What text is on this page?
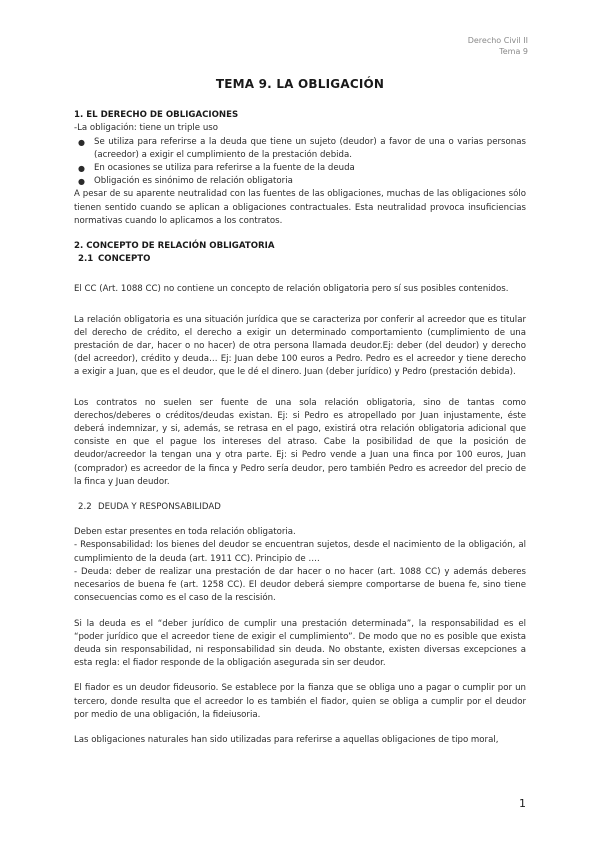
Derecho Civil II
Tema 9
TEMA 9. LA OBLIGACIÓN
1. EL DERECHO DE OBLIGACIONES

-La obligación: tiene un triple uso

● Se utiliza para referirse a la deuda que tiene un sujeto (deudor) a favor de una o varias personas (acreedor) a exigir el cumplimiento de la prestación debida.
● En ocasiones se utiliza para referirse a la fuente de la deuda
● Obligación es sinónimo de relación obligatoria

A pesar de su aparente neutralidad con las fuentes de las obligaciones, muchas de las obligaciones sólo tienen sentido cuando se aplican a obligaciones contractuales. Esta neutralidad provoca insuficiencias normativas cuando lo aplicamos a los contratos.

2. CONCEPTO DE RELACIÓN OBLIGATORIA
2.1 CONCEPTO

El CC (Art. 1088 CC) no contiene un concepto de relación obligatoria pero sí sus posibles contenidos.

La relación obligatoria es una situación jurídica que se caracteriza por conferir al acreedor que es titular del derecho de crédito, el derecho a exigir un determinado comportamiento (cumplimiento de una prestación de dar, hacer o no hacer) de otra persona llamada deudor.Ej: deber (del deudor) y derecho (del acreedor), crédito y deuda… Ej: Juan debe 100 euros a Pedro. Pedro es el acreedor y tiene derecho a exigir a Juan, que es el deudor, que le dé el dinero. Juan (deber jurídico) y Pedro (prestación debida).

Los contratos no suelen ser fuente de una sola relación obligatoria, sino de tantas como derechos/deberes o créditos/deudas existan. Ej: si Pedro es atropellado por Juan injustamente, éste deberá indemnizar, y si, además, se retrasa en el pago, existirá otra relación obligatoria adicional que consiste en que el pague los intereses del atraso. Cabe la posibilidad de que la posición de deudor/acreedor la tengan una y otra parte. Ej: si Pedro vende a Juan una finca por 100 euros, Juan (comprador) es acreedor de la finca y Pedro sería deudor, pero también Pedro es acreedor del precio de la finca y Juan deudor.

2.2 DEUDA Y RESPONSABILIDAD

Deben estar presentes en toda relación obligatoria.

- Responsabilidad: los bienes del deudor se encuentran sujetos, desde el nacimiento de la obligación, al cumplimiento de la deuda (art. 1911 CC). Principio de ….

- Deuda: deber de realizar una prestación de dar hacer o no hacer (art. 1088 CC) y además deberes necesarios de buena fe (art. 1258 CC). El deudor deberá siempre comportarse de buena fe, sino tiene consecuencias como es el caso de la rescisión.

Si la deuda es el “deber jurídico de cumplir una prestación determinada”, la responsabilidad es el “poder jurídico que el acreedor tiene de exigir el cumplimiento”. De modo que no es posible que exista deuda sin responsabilidad, ni responsabilidad sin deuda. No obstante, existen diversas excepciones a esta regla: el fiador responde de la obligación asegurada sin ser deudor.

El fiador es un deudor fideusorio. Se establece por la fianza que se obliga uno a pagar o cumplir por un tercero, donde resulta que el acreedor lo es también el fiador, quien se obliga a cumplir por el deudor por medio de una obligación, la fideiusoria.

Las obligaciones naturales han sido utilizadas para referirse a aquellas obligaciones de tipo moral,

1
